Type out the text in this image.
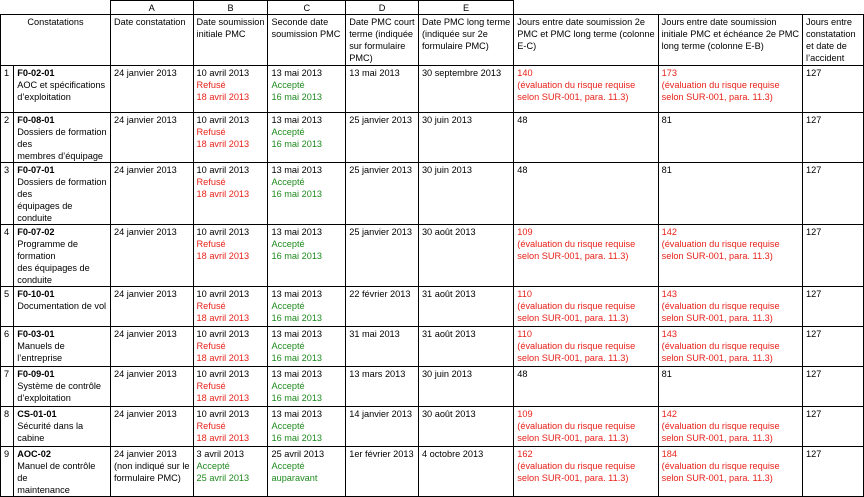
		A	B	C	D	E			
Constatations		Date constatation	Date soumission
initiale PMC	Seconde date
soumission PMC	Date PMC court
terme (indiquée
sur formulaire
PMC)	Date PMC long terme
(indiquée sur 2e
formulaire PMC)	Jours entre date soumission 2e
PMC et PMC long terme (colonne
E-C)	Jours entre date soumission
initiale PMC et échéance 2e PMC
long terme (colonne E-B)	Jours entre
constatation
et date de
l’accident

1	F0-02-01
AOC et spécifications
d’exploitation	24 janvier 2013	10 avril 2013
Refusé
18 avril 2013	13 mai 2013
Accepté
16 mai 2013	13 mai 2013	30 septembre 2013	140
(évaluation du risque requise
selon SUR-001, para. 11.3)	173
(évaluation du risque requise
selon SUR-001, para. 11.3)	127
2	F0-08-01
Dossiers de formation des
membres d’équipage	24 janvier 2013	10 avril 2013
Refusé
18 avril 2013	13 mai 2013
Accepté
16 mai 2013	25 janvier 2013	30 juin 2013	48	81	127
3	F0-07-01
Dossiers de formation des
équipages de conduite	24 janvier 2013	10 avril 2013
Refusé
18 avril 2013	13 mai 2013
Accepté
16 mai 2013	25 janvier 2013	30 juin 2013	48	81	127
4	F0-07-02
Programme de formation
des équipages de conduite	24 janvier 2013	10 avril 2013
Refusé
18 avril 2013	13 mai 2013
Accepté
16 mai 2013	25 janvier 2013	30 août 2013	109
(évaluation du risque requise
selon SUR-001, para. 11.3)	142
(évaluation du risque requise
selon SUR-001, para. 11.3)	127
5	F0-10-01
Documentation de vol	24 janvier 2013	10 avril 2013
Refusé
18 avril 2013	13 mai 2013
Accepté
16 mai 2013	22 février 2013	31 août 2013	110
(évaluation du risque requise
selon SUR-001, para. 11.3)	143
(évaluation du risque requise
selon SUR-001, para. 11.3)	127
6	F0-03-01
Manuels de l’entreprise	24 janvier 2013	10 avril 2013
Refusé
18 avril 2013	13 mai 2013
Accepté
16 mai 2013	31 mai 2013	31 août 2013	110
(évaluation du risque requise
selon SUR-001, para. 11.3)	143
(évaluation du risque requise
selon SUR-001, para. 11.3)	127
7	F0-09-01
Système de contrôle
d’exploitation	24 janvier 2013	10 avril 2013
Refusé
18 avril 2013	13 mai 2013
Accepté
16 mai 2013	13 mars 2013	30 juin 2013	48	81	127
8	CS-01-01
Sécurité dans la cabine	24 janvier 2013	10 avril 2013
Refusé
18 avril 2013	13 mai 2013
Accepté
16 mai 2013	14 janvier 2013	30 août 2013	109
(évaluation du risque requise
selon SUR-001, para. 11.3)	142
(évaluation du risque requise
selon SUR-001, para. 11.3)	127
9	AOC-02
Manuel de contrôle de
maintenance	24 janvier 2013
(non indiqué sur le
formulaire PMC)	3 avril 2013
Accepté
25 avril 2013	25 avril 2013
Accepté
auparavant	1er février 2013	4 octobre 2013	162
(évaluation du risque requise
selon SUR-001, para. 11.3)	184
(évaluation du risque requise
selon SUR-001, para. 11.3)	127
